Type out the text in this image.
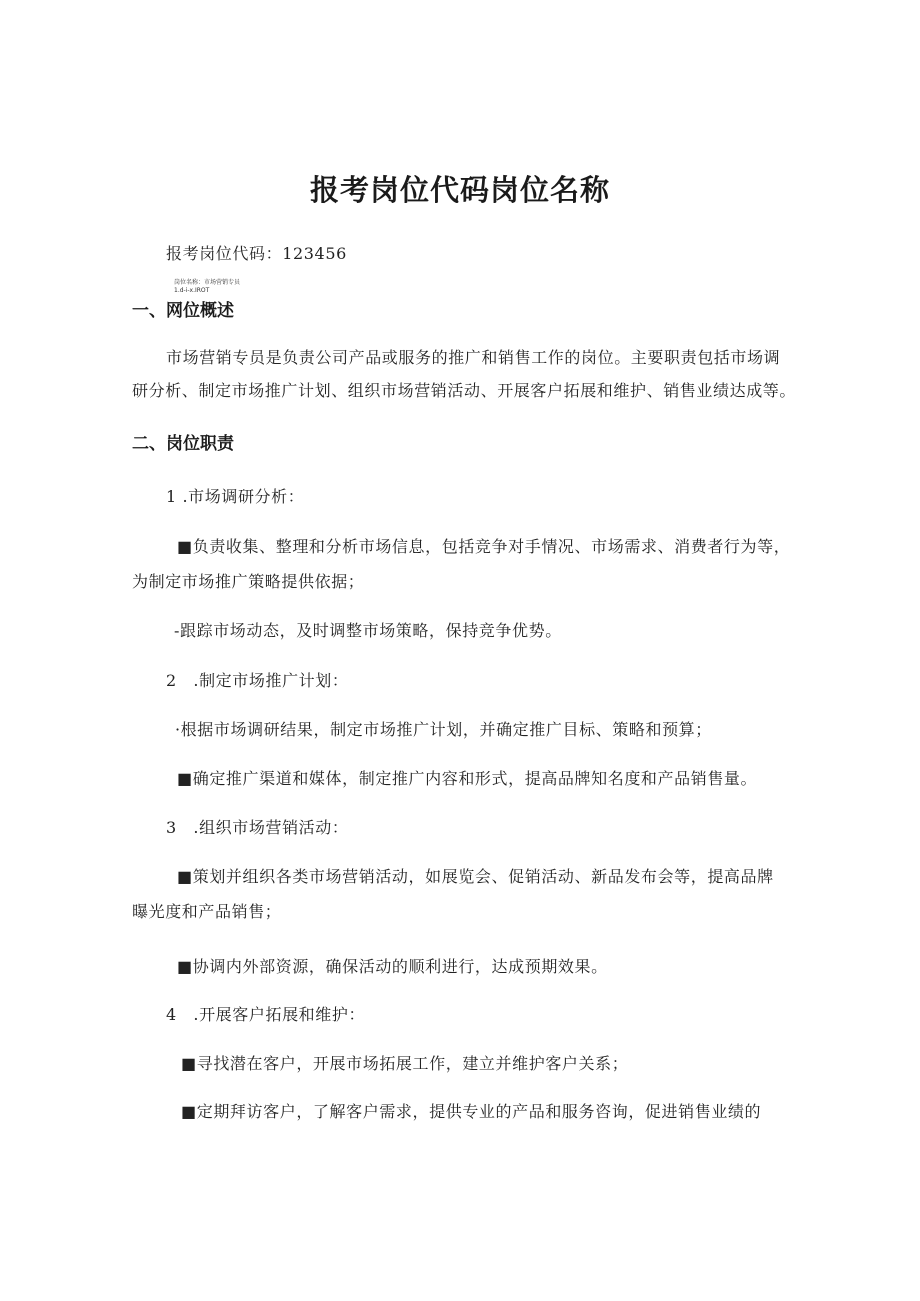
报考岗位代码岗位名称
报考岗位代码：123456
岗位名称：市场营销专员
1.d-i-x.IROT
一、网位概述
市场营销专员是负责公司产品或服务的推广和销售工作的岗位。主要职责包括市场调
研分析、制定市场推广计划、组织市场营销活动、开展客户拓展和维护、销售业绩达成等。
二、岗位职责
1 .市场调研分析：
■负责收集、整理和分析市场信息，包括竞争对手情况、市场需求、消费者行为等，
为制定市场推广策略提供依据；
-跟踪市场动态，及时调整市场策略，保持竞争优势。
2　.制定市场推广计划：
·根据市场调研结果，制定市场推广计划，并确定推广目标、策略和预算；
■确定推广渠道和媒体，制定推广内容和形式，提高品牌知名度和产品销售量。
3　.组织市场营销活动：
■策划并组织各类市场营销活动，如展览会、促销活动、新品发布会等，提高品牌
曝光度和产品销售；
■协调内外部资源，确保活动的顺利进行，达成预期效果。
4　.开展客户拓展和维护：
■寻找潜在客户，开展市场拓展工作，建立并维护客户关系；
■定期拜访客户，了解客户需求，提供专业的产品和服务咨询，促进销售业绩的
